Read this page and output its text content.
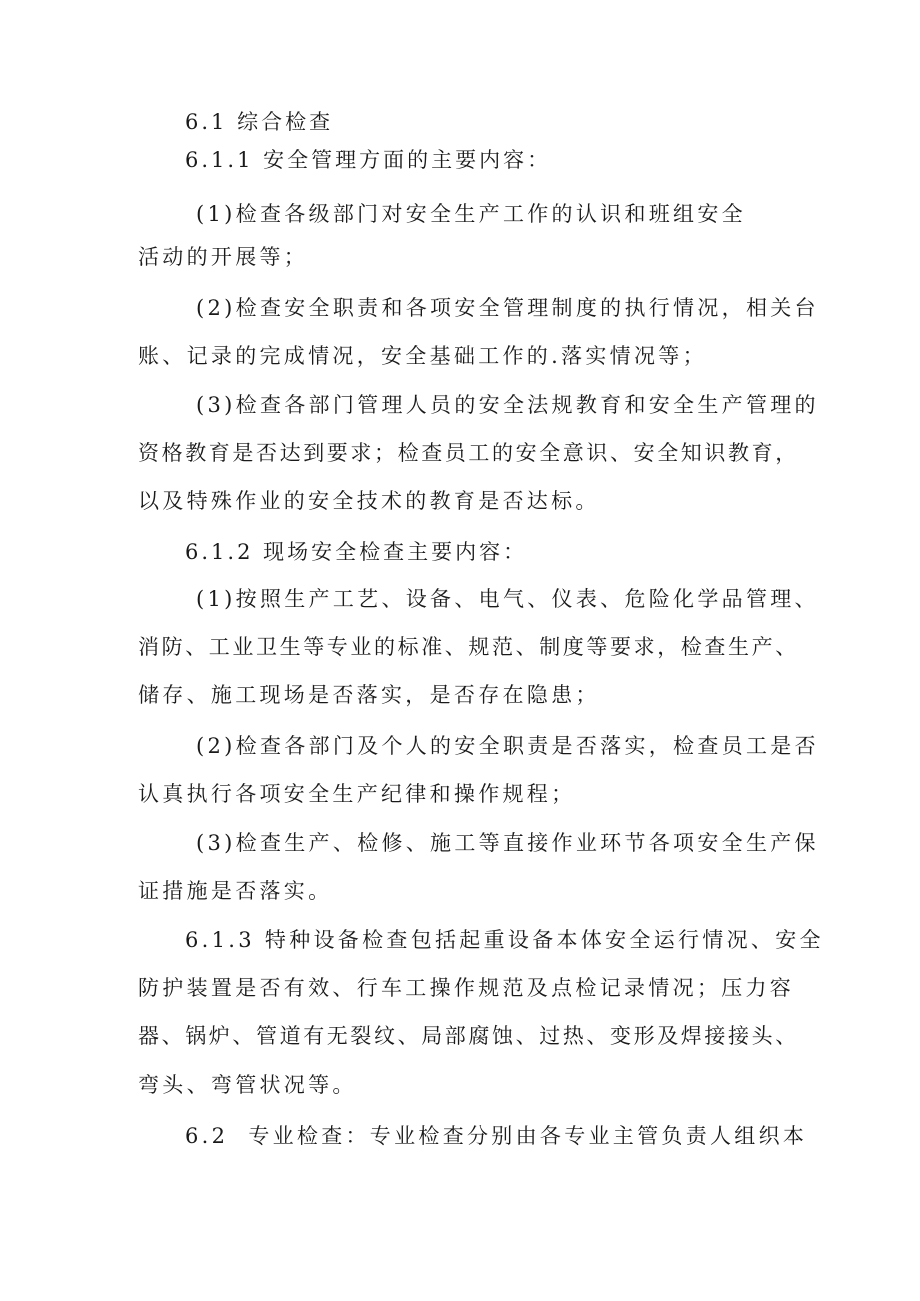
6.1 综合检查
6.1.1 安全管理方面的主要内容：
(1)检查各级部门对安全生产工作的认识和班组安全
活动的开展等；
(2)检查安全职责和各项安全管理制度的执行情况，相关台
账、记录的完成情况，安全基础工作的.落实情况等；
(3)检查各部门管理人员的安全法规教育和安全生产管理的
资格教育是否达到要求；检查员工的安全意识、安全知识教育，
以及特殊作业的安全技术的教育是否达标。
6.1.2 现场安全检查主要内容：
(1)按照生产工艺、设备、电气、仪表、危险化学品管理、
消防、工业卫生等专业的标准、规范、制度等要求，检查生产、
储存、施工现场是否落实，是否存在隐患；
(2)检查各部门及个人的安全职责是否落实，检查员工是否
认真执行各项安全生产纪律和操作规程；
(3)检查生产、检修、施工等直接作业环节各项安全生产保
证措施是否落实。
6.1.3 特种设备检查包括起重设备本体安全运行情况、安全
防护装置是否有效、行车工操作规范及点检记录情况；压力容
器、锅炉、管道有无裂纹、局部腐蚀、过热、变形及焊接接头、
弯头、弯管状况等。
6.2 专业检查：专业检查分别由各专业主管负责人组织本
